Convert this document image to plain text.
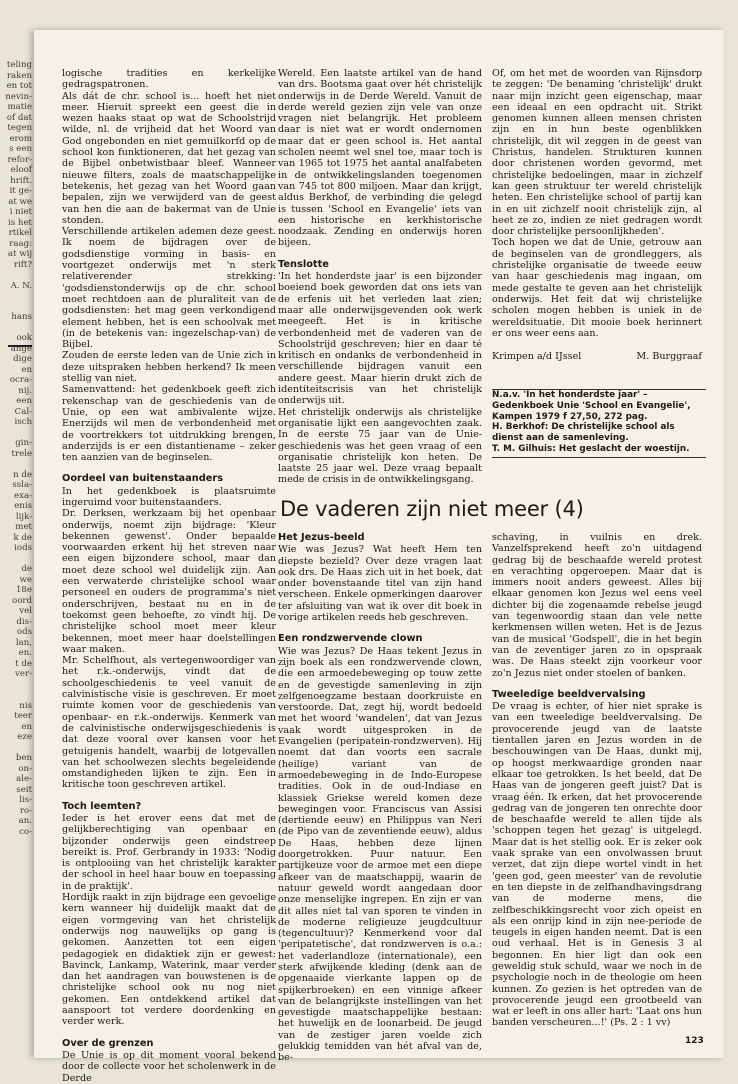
teling
raken
en tot
nevin-
matie
of dat
tegen
erom
s een
refor-
eloof
hrift.
it ge-
at we
i niet
is het
rtikel
raag:
at wij
rift?

A. N.

hans

ook
ange
dige
en
ocra-
nij.
een
Cal-
isch

gin-
trele

n de
ssla-
exa-
enis
lijk-
met
k de
iods

de
we
18e
oord
vel
dis-
ods
lan,
en.
t de
ver-

nis
teer
en
eze

ben
on-
ale-
seit
lis-
ro-
an.
co-

logische tradities en kerkelijke gedragspatronen.

Als dát de chr. school is... hoeft het niet meer. Hieruit spreekt een geest die in wezen haaks staat op wat de Schoolstrijd wilde, nl. de vrijheid dat het Woord van God ongebonden en niet gemuilkorfd op de school kon funktioneren, dat het gezag van de Bijbel onbetwistbaar bleef. Wanneer nieuwe filters, zoals de maatschappelijke betekenis, het gezag van het Woord gaan bepalen, zijn we verwijderd van de geest van hen die aan de bakermat van de Unie stonden.

Verschillende artikelen ademen deze geest. Ik noem de bijdragen over de godsdienstige vorming in basis- en voortgezet onderwijs met 'n sterk relativerender strekking: 'godsdienstonderwijs op de chr. school moet rechtdoen aan de pluraliteit van de godsdiensten: het mag geen verkondigend element hebben, het is een schoolvak met (in de betekenis van: ingezelschap-van) de Bijbel.

Zouden de eerste leden van de Unie zich in deze uitspraken hebben herkend? Ik meen stellig van niet.

Samenvattend: het gedenkboek geeft zich rekenschap van de geschiedenis van de Unie, op een wat ambivalente wijze. Enerzijds wil men de verbondenheid met de voortrekkers tot uitdrukking brengen, anderzijds is er een distantiename – zeker ten aanzien van de beginselen.

Oordeel van buitenstaanders

In het gedenkboek is plaatsruimte ingeruimd voor buitenstaanders.

Dr. Derksen, werkzaam bij het openbaar onderwijs, noemt zijn bijdrage: 'Kleur bekennen gewenst'. Onder bepaalde voorwaarden erkent hij het streven naar een eigen bijzondere school, maar dan moet deze school wel duidelijk zijn. Aan een verwaterde christelijke school waar personeel en ouders de programma's niet onderschrijven, bestaat nu en in de toekomst geen behoefte, zo vindt hij. De christelijke school moet meer kleur bekennen, moet meer haar doelstellingen waar maken.

Mr. Schelfhout, als vertegenwoordiger van het r.k.-onderwijs, vindt dat de schoolgeschiedenis te veel vanuit de calvinistische visie is geschreven. Er moet ruimte komen voor de geschiedenis van openbaar- en r.k.-onderwijs. Kenmerk van de calvinistische onderwijsgeschiedenis is dat deze vooral over kansen voor het getuigenis handelt, waarbij de lotgevallen van het schoolwezen slechts begeleidende omstandigheden lijken te zijn. Een in kritische toon geschreven artikel.

Toch leemten?

Ieder is het erover eens dat met de gelijkberechtiging van openbaar en bijzonder onderwijs geen eindstreep bereikt is. Prof. Gerbrandy in 1933: 'Nodig is ontplooiing van het christelijk karakter der school in heel haar bouw en toepassing in de praktijk'.

Hordijk raakt in zijn bijdrage een gevoelige kern wanneer hij duidelijk maakt dat de eigen vormgeving van het christelijk onderwijs nog nauwelijks op gang is gekomen. Aanzetten tot een eigen pedagogiek en didaktiek zijn er gewest: Bavinck, Lankamp, Waterink, maar verder dan het aandragen van bouwstenen is de christelijke school ook nu nog niet gekomen. Een ontdekkend artikel dat aanspoort tot verdere doordenking en verder werk.

Over de grenzen

De Unie is op dit moment vooral bekend door de collecte voor het scholenwerk in de Derde

Wereld. Een laatste artikel van de hand van drs. Bootsma gaat over hét christelijk onderwijs in de Derde Wereld. Vanuit de derde wereld gezien zijn vele van onze vragen niet belangrijk. Het probleem daar is niet wat er wordt ondernomen maar dat er geen school is. Het aantal scholen neemt wel snel toe, maar toch is van 1965 tot 1975 het aantal analfabeten in de ontwikkelingslanden toegenomen van 745 tot 800 miljoen. Maar dan krijgt, aldus Berkhof, de verbinding die gelegd is tussen 'School en Evangelie' iets van een historische en kerkhistorische noodzaak. Zending en onderwijs horen bijeen.

Tenslotte

'In het honderdste jaar' is een bijzonder boeiend boek geworden dat ons iets van de erfenis uit het verleden laat zien; maar alle onderwijsgevenden ook werk meegeeft. Het is in kritische verbondenheid met de vaderen van de Schoolstrijd geschreven; hier en daar té kritisch en ondanks de verbondenheid in verschillende bijdragen vanuit een andere geest. Maar hierin drukt zich de identiteitscrisis van het christelijk onderwijs uit.

Het christelijk onderwijs als christelijke organisatie lijkt een aangevochten zaak. In de eerste 75 jaar van de Unie-geschiedenis was het geen vraag of een organisatie christelijk kon heten. De laatste 25 jaar wel. Deze vraag bepaalt mede de crisis in de ontwikkelingsgang.

Of, om het met de woorden van Rijnsdorp te zeggen: 'De benaming 'christelijk' drukt naar mijn inzicht geen eigenschap, maar een ideaal en een opdracht uit. Strikt genomen kunnen alleen mensen christen zijn en in hun beste ogenblikken christelijk, dit wil zeggen in de geest van Christus, handelen. Strukturen kunnen door christenen worden gevormd, met christelijke bedoelingen, maar in zichzelf kan geen struktuur ter wereld christelijk heten. Een christelijke school of partij kan in en uit zichzelf nooit christelijk zijn, al heet ze zo, indien ze niet gedragen wordt door christelijke persoonlijkheden'.

Toch hopen we dat de Unie, getrouw aan de beginselen van de grondleggers, als christelijke organisatie de tweede eeuw van haar geschiedenis mag ingaan, om mede gestalte te geven aan het christelijk onderwijs. Het feit dat wij christelijke scholen mogen hebben is uniek in de wereldsituatie. Dit mooie boek herinnert er ons weer eens aan.

Krimpen a/d IJssel	M. Burggraaf
N.a.v. 'In het honderdste jaar' – Gedenkboek Unie 'School en Evangelie',
Kampen 1979 f 27,50, 272 pag.
H. Berkhof: De christelijke school als dienst aan de samenleving.
T. M. Gilhuis: Het geslacht der woestijn.
De vaderen zijn niet meer (4)
Het Jezus-beeld

Wie was Jezus? Wat heeft Hem ten diepste bezield? Over deze vragen laat ook drs. De Haas zich uit in het boek, dat onder bovenstaande titel van zijn hand verscheen. Enkele opmerkingen daarover ter afsluiting van wat ik over dit boek in vorige artikelen reeds heb geschreven.

Een rondzwervende clown

Wie was Jezus? De Haas tekent Jezus in zijn boek als een rondzwervende clown, die een armoedebeweging op touw zette en de gevestigde samenleving in zijn zelfgenoegzame bestaan doorkruiste en verstoorde. Dat, zegt hij, wordt bedoeld met het woord 'wandelen', dat van Jezus vaak wordt uitgesproken in de Evangelien (peripatein-rondzwerven). Hij noemt dat dan voorts een sacrale (heilige) variant van de armoedebeweging in de Indo-Europese tradities. Ook in de oud-Indiase en klassiek Griekse wereld komen deze bewegingen voor. Franciscus van Assisi (dertiende eeuw) en Philippus van Neri (de Pipo van de zeventiende eeuw), aldus De Haas, hebben deze lijnen doorgetrokken. Puur natuur. Een partijkeuze voor de armoe met een diepe afkeer van de maatschappij, waarin de natuur geweld wordt aangedaan door onze menselijke ingrepen. En zijn er van dit alles niet tal van sporen te vinden in de moderne religieuze jeugdcultuur (tegencultuur)? Kenmerkend voor dal 'peripatetische', dat rondzwerven is o.a.: het vaderlandloze (internationale), een sterk afwijkende kleding (denk aan de opgenaaide vierkante lappen op de spijkerbroeken) en een vinnige afkeer van de belangrijkste instellingen van het gevestigde maatschappelijke bestaan: het huwelijk en de loonarbeid. De jeugd van de zestiger jaren voelde zich gelukkig temidden van hét afval van de, be-

schaving, in vuilnis en drek. Vanzelfsprekend heeft zo'n uitdagend gedrag bij de beschaafde wereld protest en verachting opgeroepen. Maar dat is immers nooit anders geweest. Alles bij elkaar genomen kon Jezus wel eens veel dichter bij die zogenaamde rebelse jeugd van tegenwoordig staan dan vele nette kerkmensen willen weten. Het is de Jezus van de musical 'Godspell', die in het begin van de zeventiger jaren zo in opspraak was. De Haas steekt zijn voorkeur voor zo'n Jezus niet onder stoelen of banken.

Tweeledige beeldvervalsing

De vraag is echter, of hier niet sprake is van een tweeledige beeldvervalsing. De provocerende jeugd van de laatste tientallen jaren en Jezus worden in de beschouwingen van De Haas, dunkt mij, op hoogst merkwaardige gronden naar elkaar toe getrokken. Is het beeld, dat De Haas van de jongeren geeft juist? Dat is vraag één. Ik erken, dat het provocerende gedrag van de jongeren ten onrechte door de beschaafde wereld te allen tijde als 'schoppen tegen het gezag' is uitgelegd. Maar dat is het stellig ook. Er is zeker ook vaak sprake van een onvolwassen bruut verzet, dat zijn diepe wortel vindt in het 'geen god, geen meester' van de revolutie en ten diepste in de zelfhandhavingsdrang van de moderne mens, die zelfbeschikkingsrecht voor zich opeist en als een onrijp kind in zijn nee-periode de teugels in eigen handen neemt. Dat is een oud verhaal. Het is in Genesis 3 al begonnen. En hier ligt dan ook een geweldig stuk schuld, waar we noch in de psychologie noch in de theologie om heen kunnen. Zo gezien is het optreden van de provocerende jeugd een grootbeeld van wat er leeft in ons aller hart: 'Laat ons hun banden verscheuren...!' (Ps. 2 : 1 vv)

123
